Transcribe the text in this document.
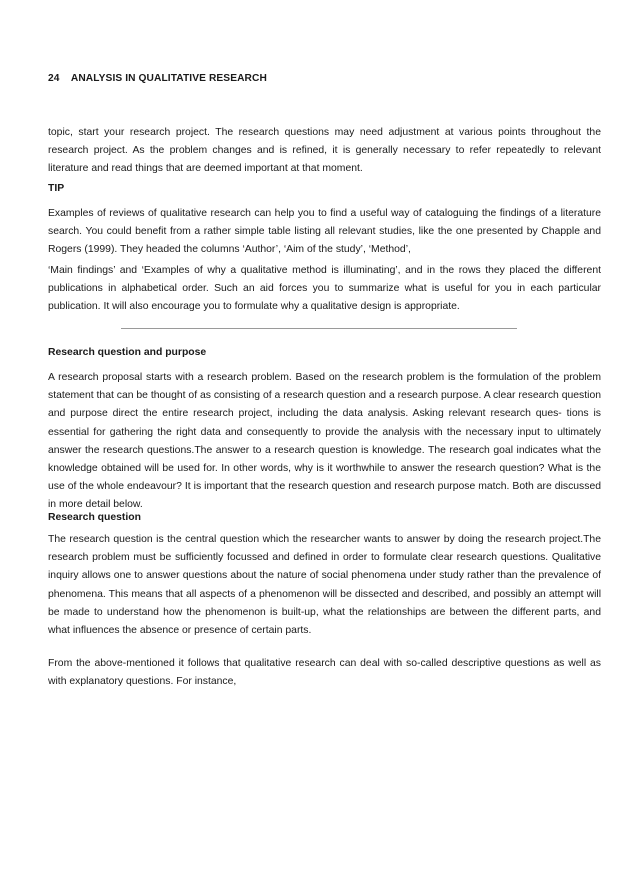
24 ANALYSIS IN QUALITATIVE RESEARCH

topic, start your research project. The research questions may need adjustment at various points throughout the research project. As the problem changes and is refined, it is generally necessary to refer repeatedly to relevant literature and read things that are deemed important at that moment.

TIP

Examples of reviews of qualitative research can help you to find a useful way of cataloguing the findings of a literature search. You could benefit from a rather simple table listing all relevant studies, like the one presented by Chapple and Rogers (1999). They headed the columns ‘Author’, ‘Aim of the study’, ‘Method’,

‘Main findings’ and ‘Examples of why a qualitative method is illuminating’, and in the rows they placed the different publications in alphabetical order. Such an aid forces you to summarize what is useful for you in each particular publication. It will also encourage you to formulate why a qualitative design is appropriate.

Research question and purpose

A research proposal starts with a research problem. Based on the research problem is the formulation of the problem statement that can be thought of as consisting of a research question and a research purpose. A clear research question and purpose direct the entire research project, including the data analysis. Asking relevant research ques- tions is essential for gathering the right data and consequently to provide the analysis with the necessary input to ultimately answer the research questions.The answer to a research question is knowledge. The research goal indicates what the knowledge obtained will be used for. In other words, why is it worthwhile to answer the research question? What is the use of the whole endeavour? It is important that the research question and research purpose match. Both are discussed in more detail below.

Research question

The research question is the central question which the researcher wants to answer by doing the research project.The research problem must be sufficiently focussed and defined in order to formulate clear research questions. Qualitative inquiry allows one to answer questions about the nature of social phenomena under study rather than the prevalence of phenomena. This means that all aspects of a phenomenon will be dissected and described, and possibly an attempt will be made to understand how the phenomenon is built-up, what the relationships are between the different parts, and what influences the absence or presence of certain parts.

From the above-mentioned it follows that qualitative research can deal with so-called descriptive questions as well as with explanatory questions. For instance,
